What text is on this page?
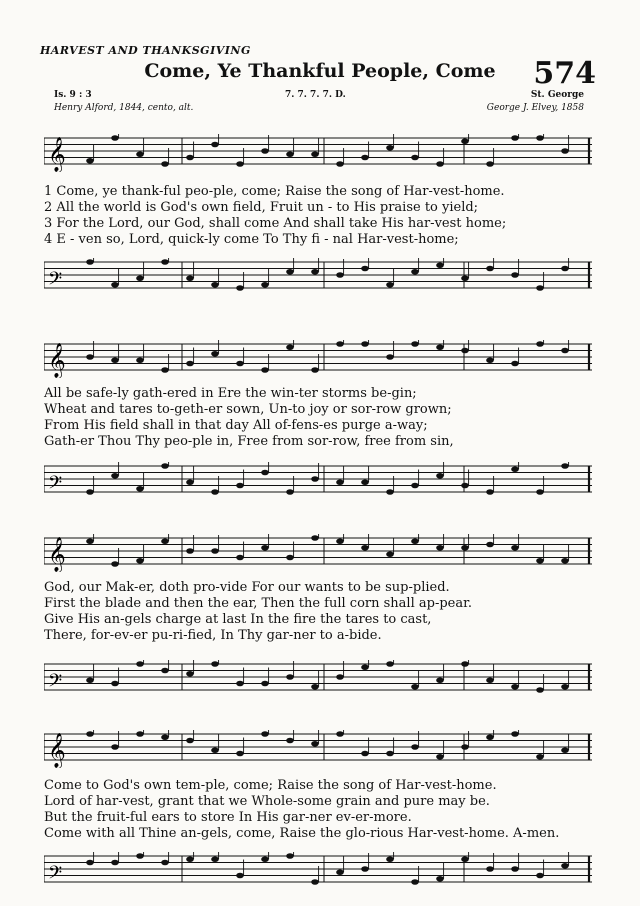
HARVEST AND THANKSGIVING
Come, Ye Thankful People, Come	574
Is. 9 : 3	7. 7. 7. 7. D.	St. George
Henry Alford, 1844, cento, alt.	George J. Elvey, 1858
𝄞
1 Come, ye thank-ful peo-ple, come; Raise the song of Har-vest-home.
2 All the world is God's own field, Fruit un - to His praise to yield;
3 For the Lord, our God, shall come And shall take His har-vest home;
4 E - ven so, Lord, quick-ly come To Thy fi - nal Har-vest-home;
𝄢
𝄞
All be safe-ly gath-ered in Ere the win-ter storms be-gin;
Wheat and tares to-geth-er sown, Un-to joy or sor-row grown;
From His field shall in that day All of-fens-es purge a-way;
Gath-er Thou Thy peo-ple in, Free from sor-row, free from sin,
𝄢
𝄞
God, our Mak-er, doth pro-vide For our wants to be sup-plied.
First the blade and then the ear, Then the full corn shall ap-pear.
Give His an-gels charge at last In the fire the tares to cast,
There, for-ev-er pu-ri-fied, In Thy gar-ner to a-bide.
𝄢
𝄞
Come to God's own tem-ple, come; Raise the song of Har-vest-home.
Lord of har-vest, grant that we Whole-some grain and pure may be.
But the fruit-ful ears to store In His gar-ner ev-er-more.
Come with all Thine an-gels, come, Raise the glo-rious Har-vest-home. A-men.
𝄢
